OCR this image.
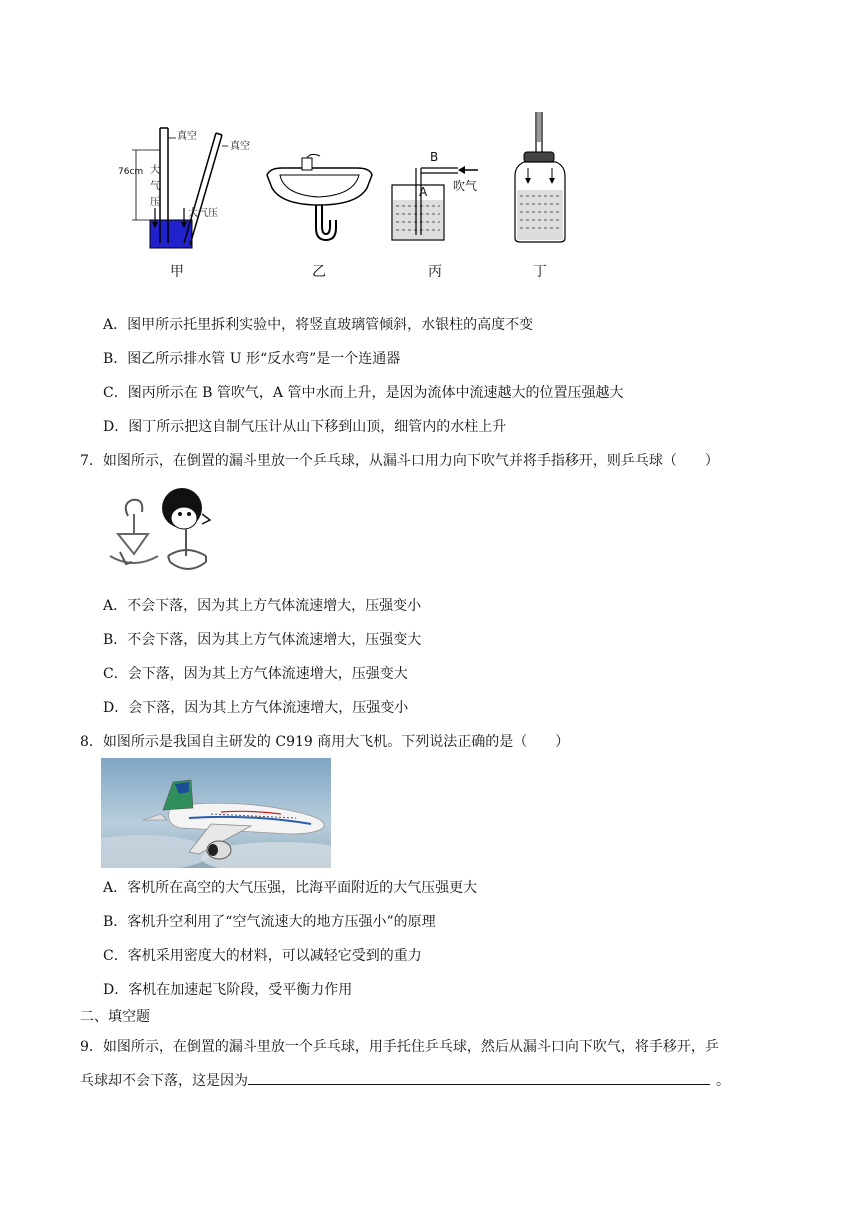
真空
真空
76cm 大
气
压
大气压
B
A 吹气
甲	乙	丙	丁
A．图甲所示托里拆利实验中，将竖直玻璃管倾斜，水银柱的高度不变
B．图乙所示排水管 U 形“反水弯”是一个连通器
C．图丙所示在 B 管吹气，A 管中水而上升，是因为流体中流速越大的位置压强越大
D．图丁所示把这自制气压计从山下移到山顶，细管内的水柱上升
7．如图所示，在倒置的漏斗里放一个乒乓球，从漏斗口用力向下吹气并将手指移开，则乒乓球（　　）
A．不会下落，因为其上方气体流速增大，压强变小
B．不会下落，因为其上方气体流速增大，压强变大
C．会下落，因为其上方气体流速增大，压强变大
D．会下落，因为其上方气体流速增大，压强变小
8．如图所示是我国自主研发的 C919 商用大飞机。下列说法正确的是（　　）
A．客机所在高空的大气压强，比海平面附近的大气压强更大
B．客机升空利用了“空气流速大的地方压强小”的原理
C．客机采用密度大的材料，可以减轻它受到的重力
D．客机在加速起飞阶段，受平衡力作用
二、填空题
9．如图所示，在倒置的漏斗里放一个乒乓球，用手托住乒乓球，然后从漏斗口向下吹气，将手移开，乒
乓球却不会下落，这是因为	。
